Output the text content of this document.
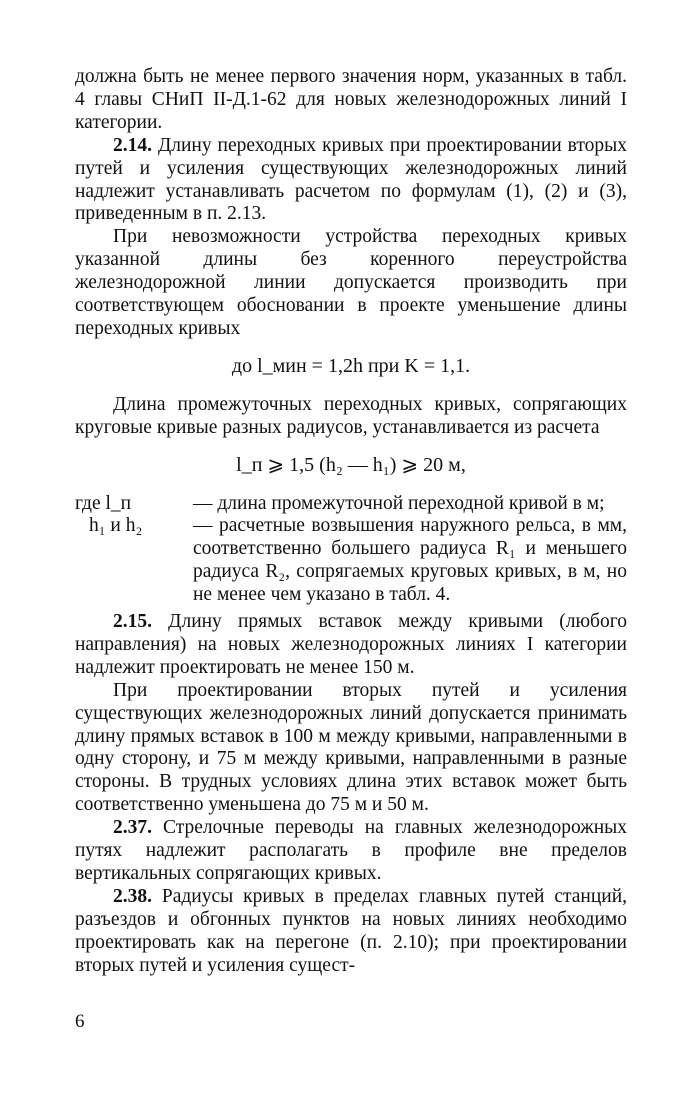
должна быть не менее первого значения норм, указанных в табл. 4 главы СНиП II-Д.1-62 для новых железнодорожных линий I категории.

2.14. Длину переходных кривых при проектировании вторых путей и усиления существующих железнодорожных линий надлежит устанавливать расчетом по формулам (1), (2) и (3), приведенным в п. 2.13.

При невозможности устройства переходных кривых указанной длины без коренного переустройства железнодорожной линии допускается производить при соответствующем обосновании в проекте уменьшение длины переходных кривых

до l_мин = 1,2h при K = 1,1.

Длина промежуточных переходных кривых, сопрягающих круговые кривые разных радиусов, устанавливается из расчета

l_п ⩾ 1,5 (h₂ — h₁) ⩾ 20 м,
где l_п	— длина промежуточной переходной кривой в м;
h₁ и h₂	— расчетные возвышения наружного рельса, в мм, соответственно большего радиуса R₁ и меньшего радиуса R₂, сопрягаемых круговых кривых, в м, но не менее чем указано в табл. 4.

2.15. Длину прямых вставок между кривыми (любого направления) на новых железнодорожных линиях I категории надлежит проектировать не менее 150 м.

При проектировании вторых путей и усиления существующих железнодорожных линий допускается принимать длину прямых вставок в 100 м между кривыми, направленными в одну сторону, и 75 м между кривыми, направленными в разные стороны. В трудных условиях длина этих вставок может быть соответственно уменьшена до 75 м и 50 м.

2.37. Стрелочные переводы на главных железнодорожных путях надлежит располагать в профиле вне пределов вертикальных сопрягающих кривых.

2.38. Радиусы кривых в пределах главных путей станций, разъездов и обгонных пунктов на новых линиях необходимо проектировать как на перегоне (п. 2.10); при проектировании вторых путей и усиления сущест-

6
